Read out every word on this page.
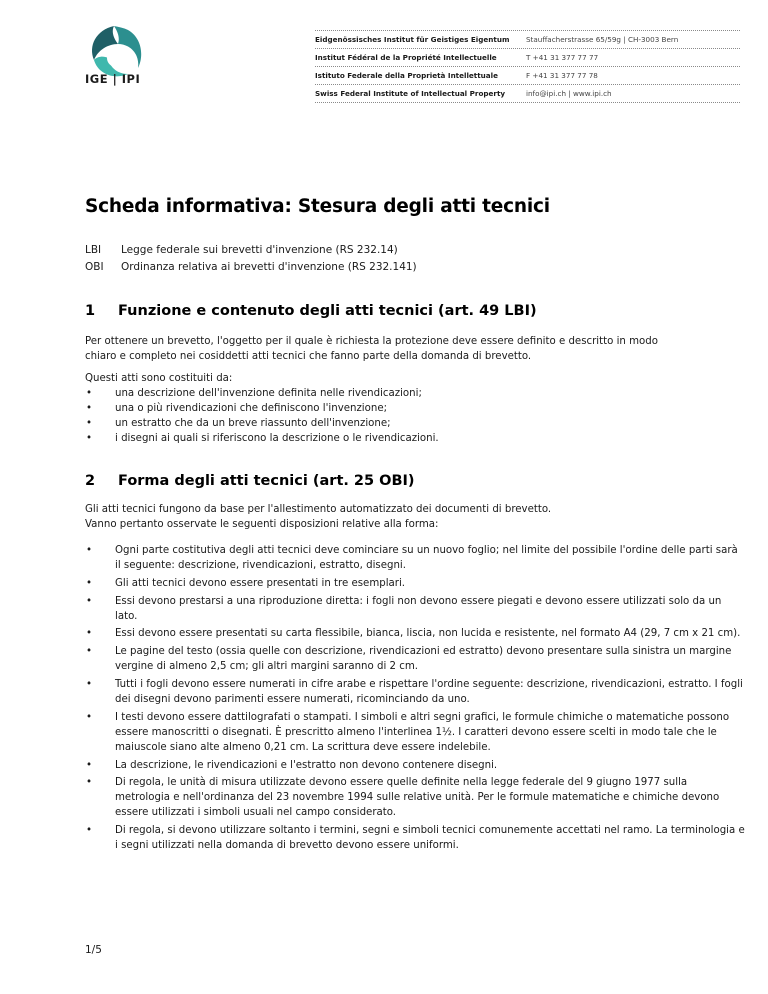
IGE | IPI
Eidgenössisches Institut für Geistiges Eigentum	Stauffacherstrasse 65/59g | CH-3003 Bern
Institut Fédéral de la Propriété Intellectuelle	T +41 31 377 77 77
Istituto Federale della Proprietà Intellettuale	F +41 31 377 77 78
Swiss Federal Institute of Intellectual Property	info@ipi.ch | www.ipi.ch
Scheda informativa: Stesura degli atti tecnici
LBI	Legge federale sui brevetti d'invenzione (RS 232.14)
OBI	Ordinanza relativa ai brevetti d'invenzione (RS 232.141)
1 Funzione e contenuto degli atti tecnici (art. 49 LBI)

Per ottenere un brevetto, l'oggetto per il quale è richiesta la protezione deve essere definito e descritto in modo chiaro e completo nei cosiddetti atti tecnici che fanno parte della domanda di brevetto.

Questi atti sono costituiti da:

• una descrizione dell'invenzione definita nelle rivendicazioni;
• una o più rivendicazioni che definiscono l'invenzione;
• un estratto che da un breve riassunto dell'invenzione;
• i disegni ai quali si riferiscono la descrizione o le rivendicazioni.
2 Forma degli atti tecnici (art. 25 OBI)

Gli atti tecnici fungono da base per l'allestimento automatizzato dei documenti di brevetto.
Vanno pertanto osservate le seguenti disposizioni relative alla forma:

• Ogni parte costitutiva degli atti tecnici deve cominciare su un nuovo foglio; nel limite del possibile l'ordine delle parti sarà il seguente: descrizione, rivendicazioni, estratto, disegni.
• Gli atti tecnici devono essere presentati in tre esemplari.
• Essi devono prestarsi a una riproduzione diretta: i fogli non devono essere piegati e devono essere utilizzati solo da un lato.
• Essi devono essere presentati su carta flessibile, bianca, liscia, non lucida e resistente, nel formato A4 (29, 7 cm x 21 cm).
• Le pagine del testo (ossia quelle con descrizione, rivendicazioni ed estratto) devono presentare sulla sinistra un margine vergine di almeno 2,5 cm; gli altri margini saranno di 2 cm.
• Tutti i fogli devono essere numerati in cifre arabe e rispettare l'ordine seguente: descrizione, rivendicazioni, estratto. I fogli dei disegni devono parimenti essere numerati, ricominciando da uno.
• I testi devono essere dattilografati o stampati. I simboli e altri segni grafici, le formule chimiche o matematiche possono essere manoscritti o disegnati. È prescritto almeno l'interlinea 1½. I caratteri devono essere scelti in modo tale che le maiuscole siano alte almeno 0,21 cm. La scrittura deve essere indelebile.
• La descrizione, le rivendicazioni e l'estratto non devono contenere disegni.
• Di regola, le unità di misura utilizzate devono essere quelle definite nella legge federale del 9 giugno 1977 sulla metrologia e nell'ordinanza del 23 novembre 1994 sulle relative unità. Per le formule matematiche e chimiche devono essere utilizzati i simboli usuali nel campo considerato.
• Di regola, si devono utilizzare soltanto i termini, segni e simboli tecnici comunemente accettati nel ramo. La terminologia e i segni utilizzati nella domanda di brevetto devono essere uniformi.
1/5
